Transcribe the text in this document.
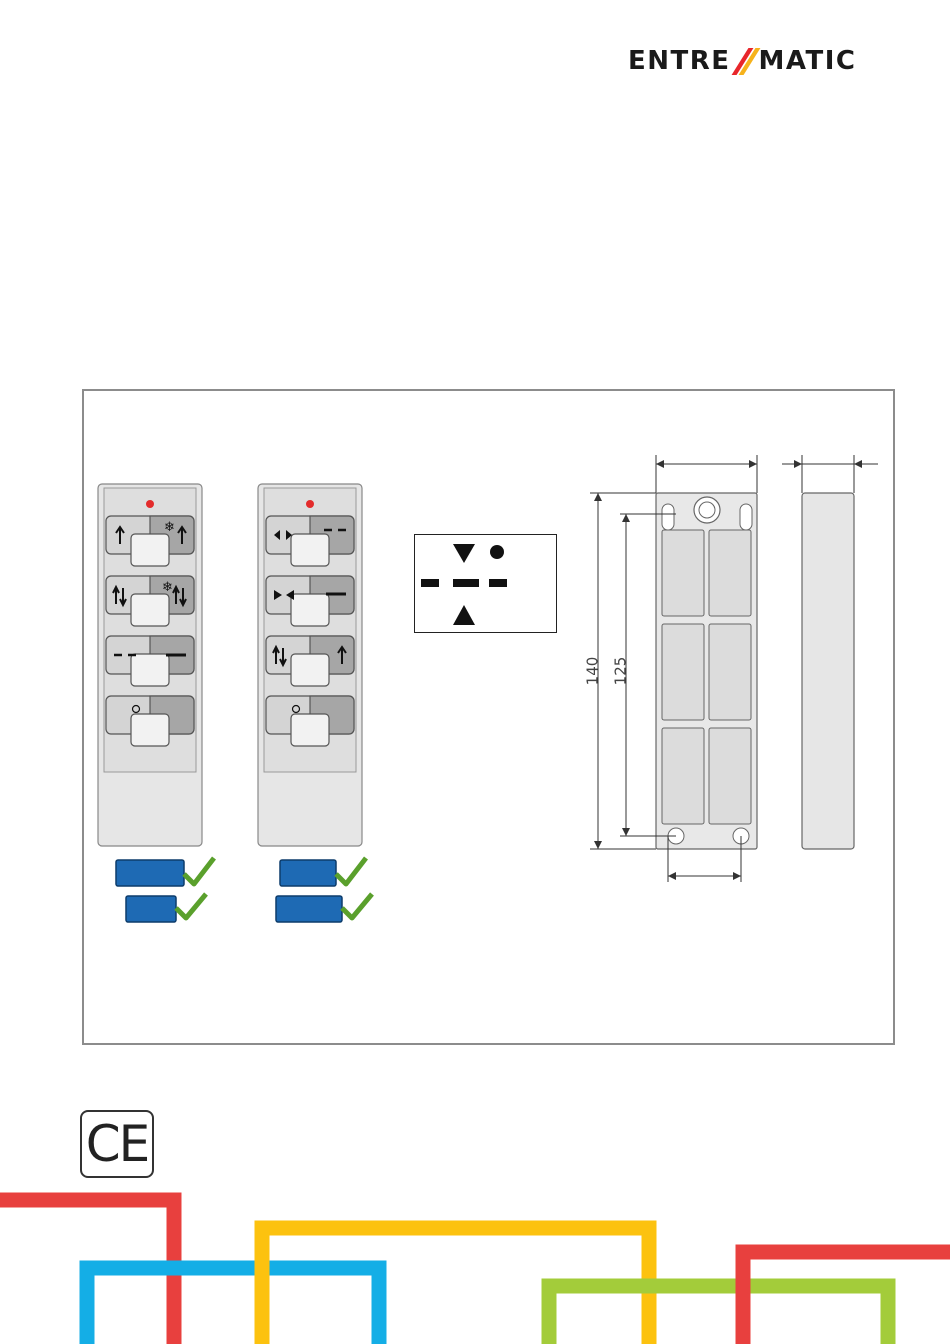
ENTRE MATIC
❄
❄
140 125
CE
